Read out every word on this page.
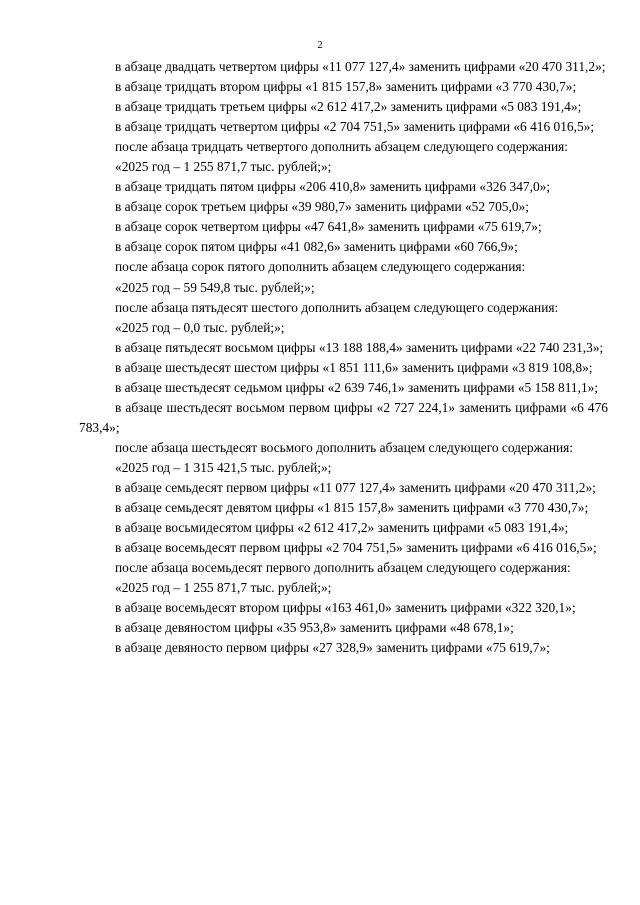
2

в абзаце двадцать четвертом цифры «11 077 127,4» заменить цифрами «20 470 311,2»;

в абзаце тридцать втором цифры «1 815 157,8» заменить цифрами «3 770 430,7»;

в абзаце тридцать третьем цифры «2 612 417,2» заменить цифрами «5 083 191,4»;

в абзаце тридцать четвертом цифры «2 704 751,5» заменить цифрами «6 416 016,5»;

после абзаца тридцать четвертого дополнить абзацем следующего содержания:

«2025 год – 1 255 871,7 тыс. рублей;»;

в абзаце тридцать пятом цифры «206 410,8» заменить цифрами «326 347,0»;

в абзаце сорок третьем цифры «39 980,7» заменить цифрами «52 705,0»;

в абзаце сорок четвертом цифры «47 641,8» заменить цифрами «75 619,7»;

в абзаце сорок пятом цифры «41 082,6» заменить цифрами «60 766,9»;

после абзаца сорок пятого дополнить абзацем следующего содержания:

«2025 год – 59 549,8 тыс. рублей;»;

после абзаца пятьдесят шестого дополнить абзацем следующего содержания:

«2025 год – 0,0 тыс. рублей;»;

в абзаце пятьдесят восьмом цифры «13 188 188,4» заменить цифрами «22 740 231,3»;

в абзаце шестьдесят шестом цифры «1 851 111,6» заменить цифрами «3 819 108,8»;

в абзаце шестьдесят седьмом цифры «2 639 746,1» заменить цифрами «5 158 811,1»;

в абзаце шестьдесят восьмом первом цифры «2 727 224,1» заменить цифрами «6 476 783,4»;

после абзаца шестьдесят восьмого дополнить абзацем следующего содержания:

«2025 год – 1 315 421,5 тыс. рублей;»;

в абзаце семьдесят первом цифры «11 077 127,4» заменить цифрами «20 470 311,2»;

в абзаце семьдесят девятом цифры «1 815 157,8» заменить цифрами «3 770 430,7»;

в абзаце восьмидесятом цифры «2 612 417,2» заменить цифрами «5 083 191,4»;

в абзаце восемьдесят первом цифры «2 704 751,5» заменить цифрами «6 416 016,5»;

после абзаца восемьдесят первого дополнить абзацем следующего содержания:

«2025 год – 1 255 871,7 тыс. рублей;»;

в абзаце восемьдесят втором цифры «163 461,0» заменить цифрами «322 320,1»;

в абзаце девяностом цифры «35 953,8» заменить цифрами «48 678,1»;

в абзаце девяносто первом цифры «27 328,9» заменить цифрами «75 619,7»;
